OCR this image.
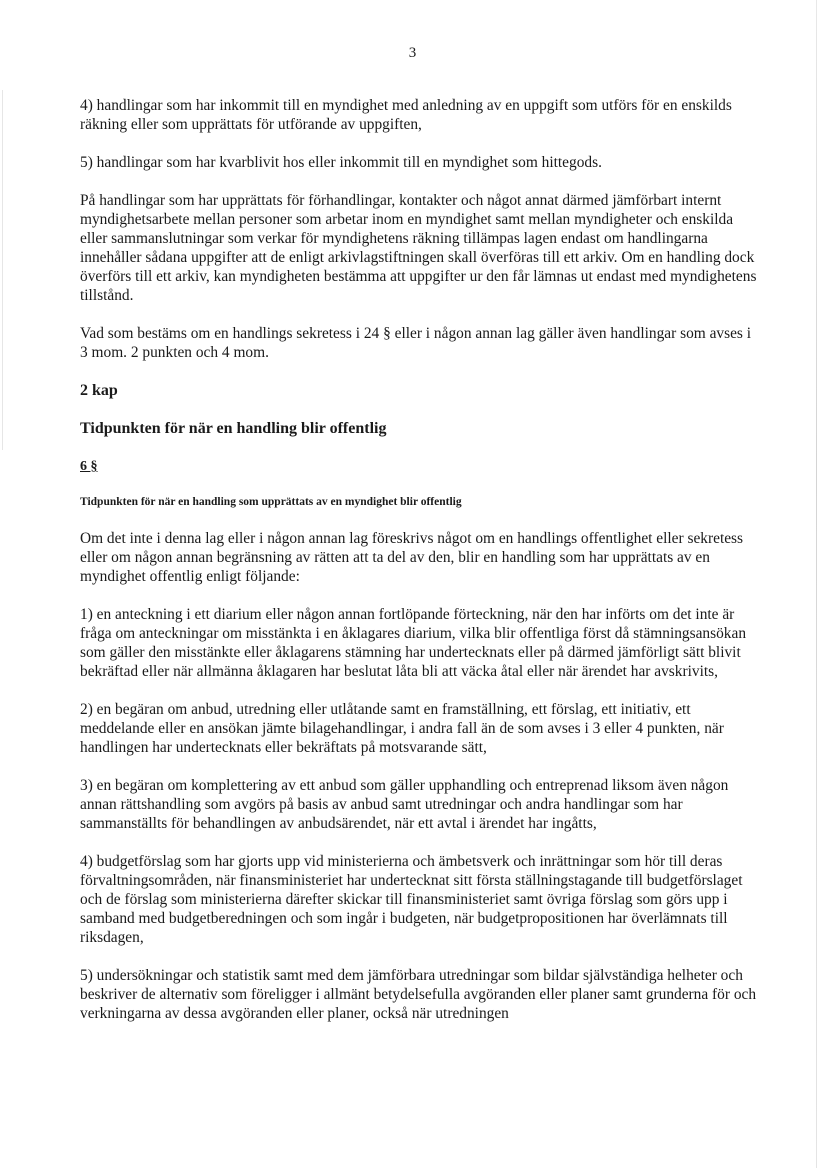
3

4) handlingar som har inkommit till en myndighet med anledning av en uppgift som utförs för en enskilds räkning eller som upprättats för utförande av uppgiften,

5) handlingar som har kvarblivit hos eller inkommit till en myndighet som hittegods.

På handlingar som har upprättats för förhandlingar, kontakter och något annat därmed jämförbart internt myndighetsarbete mellan personer som arbetar inom en myndighet samt mellan myndigheter och enskilda eller sammanslutningar som verkar för myndighetens räkning tillämpas lagen endast om handlingarna innehåller sådana uppgifter att de enligt arkivlagstiftningen skall överföras till ett arkiv. Om en handling dock överförs till ett arkiv, kan myndigheten bestämma att uppgifter ur den får lämnas ut endast med myndighetens tillstånd.

Vad som bestäms om en handlings sekretess i 24 § eller i någon annan lag gäller även handlingar som avses i 3 mom. 2 punkten och 4 mom.

2 kap

Tidpunkten för när en handling blir offentlig

6 §

Tidpunkten för när en handling som upprättats av en myndighet blir offentlig

Om det inte i denna lag eller i någon annan lag föreskrivs något om en handlings offentlighet eller sekretess eller om någon annan begränsning av rätten att ta del av den, blir en handling som har upprättats av en myndighet offentlig enligt följande:

1) en anteckning i ett diarium eller någon annan fortlöpande förteckning, när den har införts om det inte är fråga om anteckningar om misstänkta i en åklagares diarium, vilka blir offentliga först då stämningsansökan som gäller den misstänkte eller åklagarens stämning har undertecknats eller på därmed jämförligt sätt blivit bekräftad eller när allmänna åklagaren har beslutat låta bli att väcka åtal eller när ärendet har avskrivits,

2) en begäran om anbud, utredning eller utlåtande samt en framställning, ett förslag, ett initiativ, ett meddelande eller en ansökan jämte bilagehandlingar, i andra fall än de som avses i 3 eller 4 punkten, när handlingen har undertecknats eller bekräftats på motsvarande sätt,

3) en begäran om komplettering av ett anbud som gäller upphandling och entreprenad liksom även någon annan rättshandling som avgörs på basis av anbud samt utredningar och andra handlingar som har sammanställts för behandlingen av anbudsärendet, när ett avtal i ärendet har ingåtts,

4) budgetförslag som har gjorts upp vid ministerierna och ämbetsverk och inrättningar som hör till deras förvaltningsområden, när finansministeriet har undertecknat sitt första ställningstagande till budgetförslaget och de förslag som ministerierna därefter skickar till finansministeriet samt övriga förslag som görs upp i samband med budgetberedningen och som ingår i budgeten, när budgetpropositionen har överlämnats till riksdagen,

5) undersökningar och statistik samt med dem jämförbara utredningar som bildar självständiga helheter och beskriver de alternativ som föreligger i allmänt betydelsefulla avgöranden eller planer samt grunderna för och verkningarna av dessa avgöranden eller planer, också när utredningen
